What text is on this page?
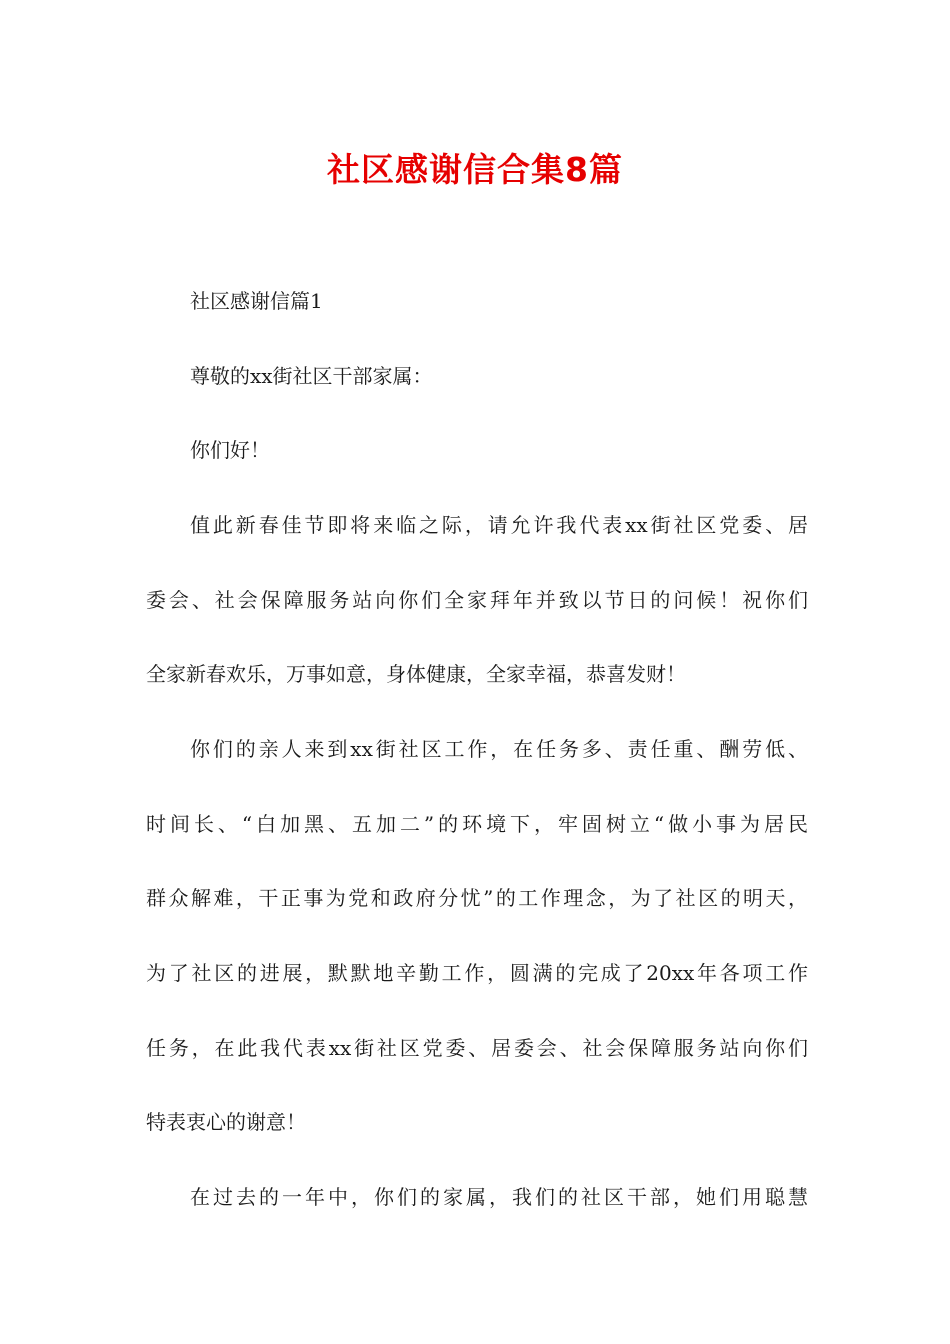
社区感谢信合集8篇
社区感谢信篇1
尊敬的xx街社区干部家属：
你们好！
值此新春佳节即将来临之际，请允许我代表xx街社区党委、居
委会、社会保障服务站向你们全家拜年并致以节日的问候！祝你们
全家新春欢乐，万事如意，身体健康，全家幸福，恭喜发财！
你们的亲人来到xx街社区工作，在任务多、责任重、酬劳低、
时间长、“白加黑、五加二”的环境下，牢固树立“做小事为居民
群众解难，干正事为党和政府分忧”的工作理念，为了社区的明天，
为了社区的进展，默默地辛勤工作，圆满的完成了20xx年各项工作
任务，在此我代表xx街社区党委、居委会、社会保障服务站向你们
特表衷心的谢意！
在过去的一年中，你们的家属，我们的社区干部，她们用聪慧
